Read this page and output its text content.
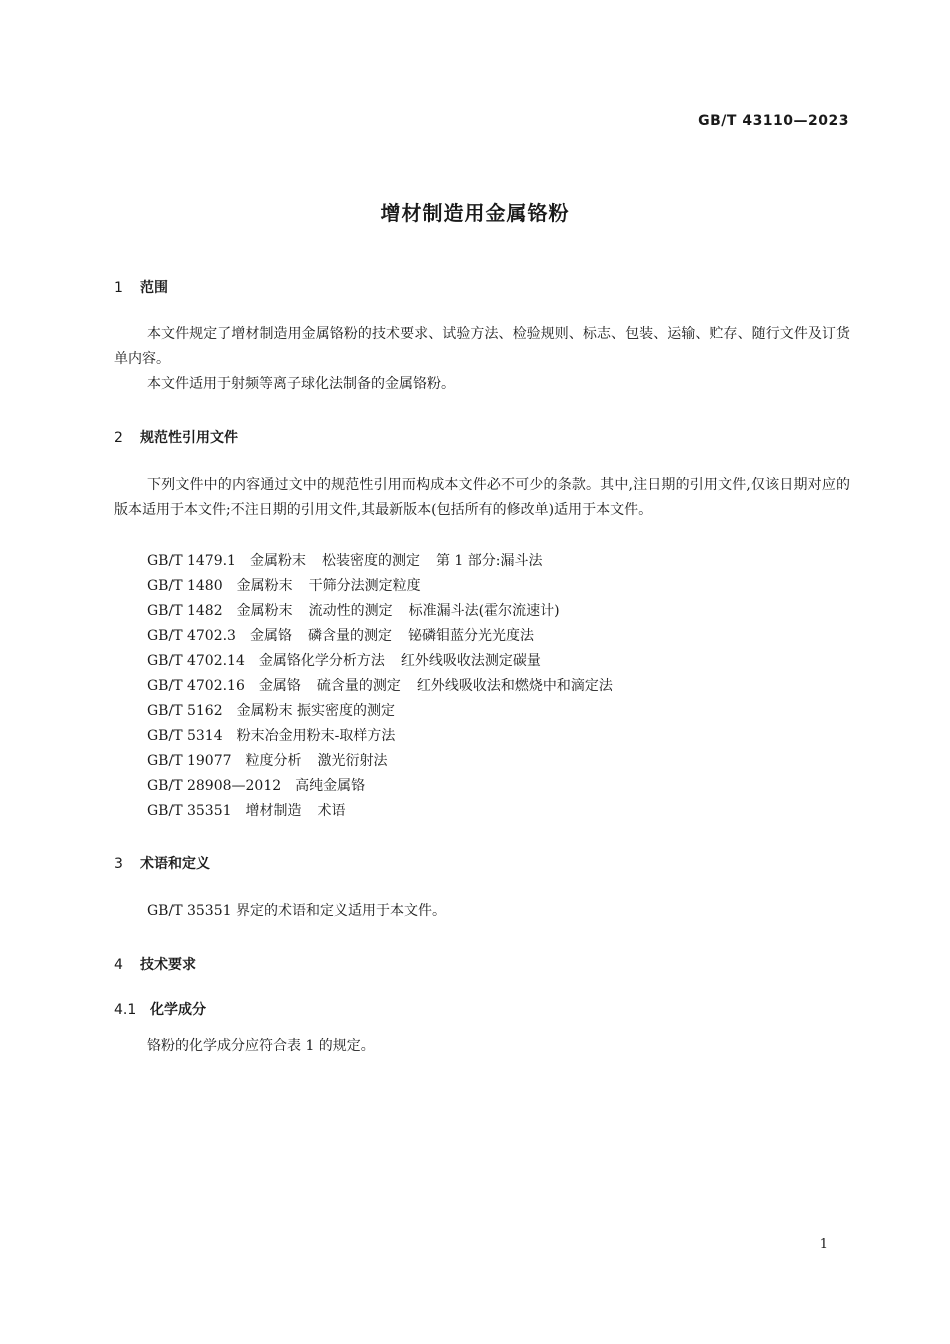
GB/T 43110—2023
增材制造用金属铬粉
1 范围
本文件规定了增材制造用金属铬粉的技术要求、试验方法、检验规则、标志、包装、运输、贮存、随行文件及订货单内容。
本文件适用于射频等离子球化法制备的金属铬粉。
2 规范性引用文件
下列文件中的内容通过文中的规范性引用而构成本文件必不可少的条款。其中,注日期的引用文件,仅该日期对应的版本适用于本文件;不注日期的引用文件,其最新版本(包括所有的修改单)适用于本文件。
GB/T 1479.1 金属粉末 松装密度的测定 第 1 部分:漏斗法
GB/T 1480 金属粉末 干筛分法测定粒度
GB/T 1482 金属粉末 流动性的测定 标准漏斗法(霍尔流速计)
GB/T 4702.3 金属铬 磷含量的测定 铋磷钼蓝分光光度法
GB/T 4702.14 金属铬化学分析方法 红外线吸收法测定碳量
GB/T 4702.16 金属铬 硫含量的测定 红外线吸收法和燃烧中和滴定法
GB/T 5162 金属粉末 振实密度的测定
GB/T 5314 粉末冶金用粉末-取样方法
GB/T 19077 粒度分析 激光衍射法
GB/T 28908—2012 高纯金属铬
GB/T 35351 增材制造 术语
3 术语和定义
GB/T 35351 界定的术语和定义适用于本文件。
4 技术要求
4.1 化学成分
铬粉的化学成分应符合表 1 的规定。
1
